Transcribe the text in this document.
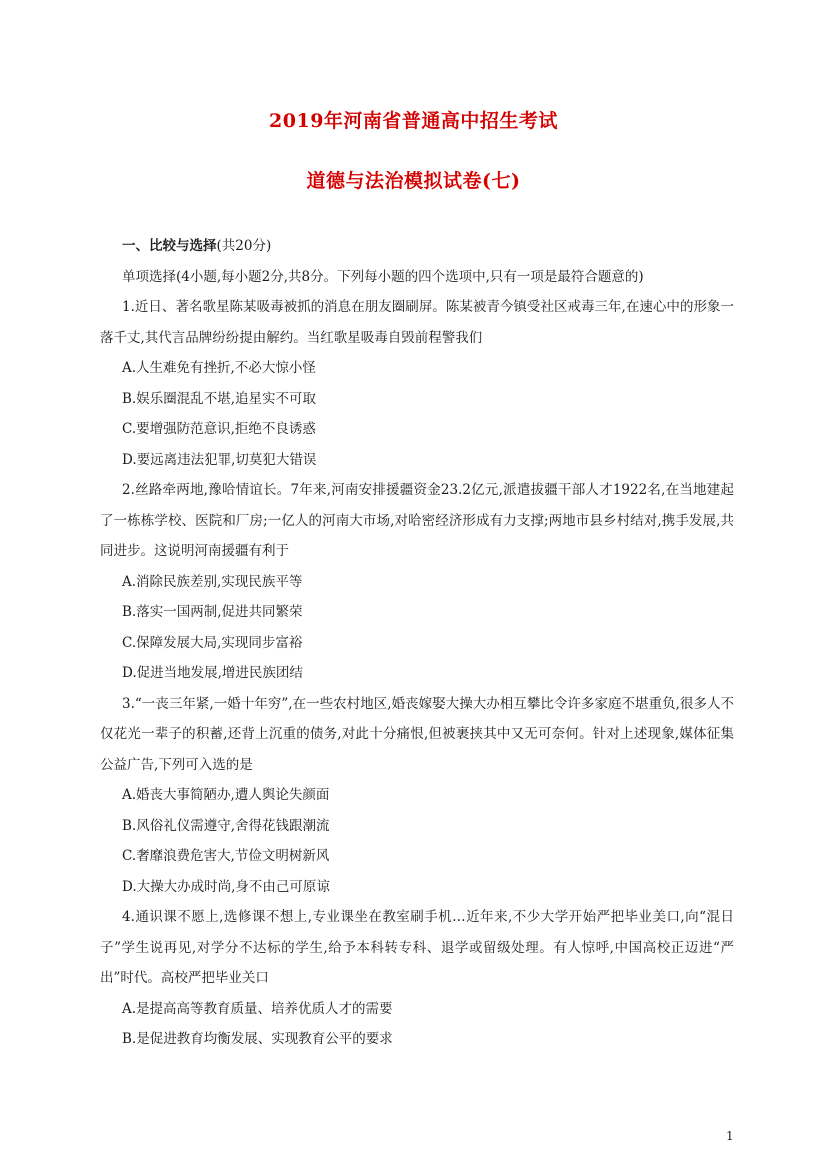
2019年河南省普通高中招生考试
道德与法治模拟试卷(七)
一、比较与选择(共20分)
单项选择(4小题,每小题2分,共8分。下列每小题的四个选项中,只有一项是最符合题意的)
1.近日、著名歌星陈某吸毒被抓的消息在朋友圈刷屏。陈某被青今镇受社区戒毒三年,在速心中的形象一落千丈,其代言品牌纷纷提由解约。当红歌星吸毒自毁前程警我们
A.人生难免有挫折,不必大惊小怪
B.娱乐圈混乱不堪,追星实不可取
C.要增强防范意识,拒绝不良诱惑
D.要远离违法犯罪,切莫犯大错误
2.丝路牵两地,豫哈情谊长。7年来,河南安排援疆资金23.2亿元,派遣拔疆干部人才1922名,在当地建起了一栋栋学校、医院和厂房;一亿人的河南大市场,对哈密经济形成有力支撑;两地市县乡村结对,携手发展,共同进步。这说明河南援疆有利于
A.消除民族差别,实现民族平等
B.落实一国两制,促进共同繁荣
C.保障发展大局,实现同步富裕
D.促进当地发展,增进民族团结
3.“一丧三年紧,一婚十年穷”,在一些农村地区,婚丧嫁娶大操大办相互攀比令许多家庭不堪重负,很多人不仅花光一辈子的积蓄,还背上沉重的债务,对此十分痛恨,但被裹挟其中又无可奈何。针对上述现象,媒体征集公益广告,下列可入选的是
A.婚丧大事简陋办,遭人舆论失颜面
B.风俗礼仪需遵守,舍得花钱跟潮流
C.奢靡浪费危害大,节俭文明树新风
D.大操大办成时尚,身不由己可原谅
4.通识课不愿上,选修课不想上,专业课坐在教室刷手机…近年来,不少大学开始严把毕业美口,向“混日子”学生说再见,对学分不达标的学生,给予本科转专科、退学或留级处理。有人惊呼,中国高校正迈进“严出”时代。高校严把毕业关口
A.是提高高等教育质量、培养优质人才的需要
B.是促进教育均衡发展、实现教育公平的要求
1
